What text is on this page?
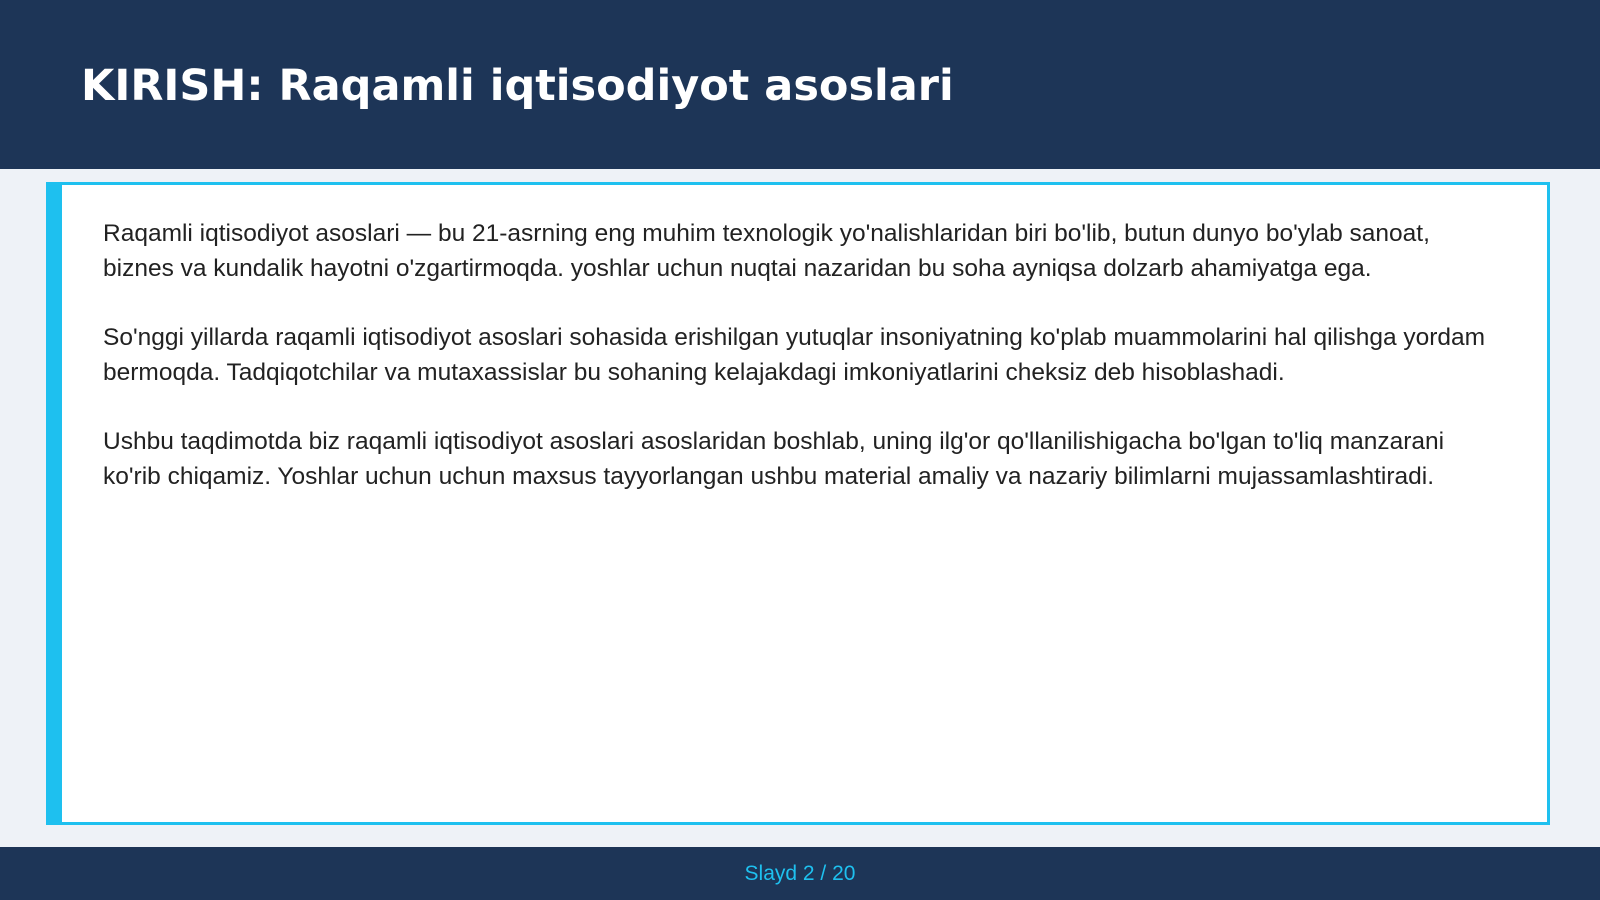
KIRISH: Raqamli iqtisodiyot asoslari

Raqamli iqtisodiyot asoslari — bu 21-asrning eng muhim texnologik yo'nalishlaridan biri bo'lib, butun dunyo bo'ylab sanoat, biznes va kundalik hayotni o'zgartirmoqda. yoshlar uchun nuqtai nazaridan bu soha ayniqsa dolzarb ahamiyatga ega.

So'nggi yillarda raqamli iqtisodiyot asoslari sohasida erishilgan yutuqlar insoniyatning ko'plab muammolarini hal qilishga yordam bermoqda. Tadqiqotchilar va mutaxassislar bu sohaning kelajakdagi imkoniyatlarini cheksiz deb hisoblashadi.

Ushbu taqdimotda biz raqamli iqtisodiyot asoslari asoslaridan boshlab, uning ilg'or qo'llanilishigacha bo'lgan to'liq manzarani ko'rib chiqamiz. Yoshlar uchun uchun maxsus tayyorlangan ushbu material amaliy va nazariy bilimlarni mujassamlashtiradi.

Slayd 2 / 20
